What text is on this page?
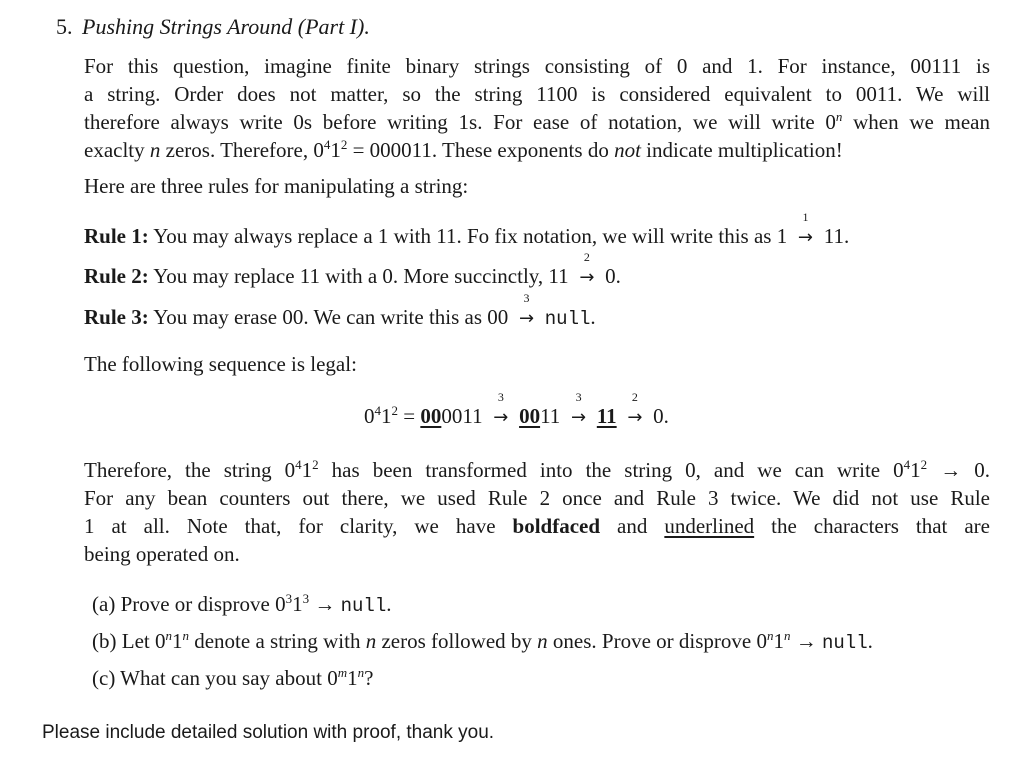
5. Pushing Strings Around (Part I).
For this question, imagine finite binary strings consisting of 0 and 1. For instance, 00111 is
a string. Order does not matter, so the string 1100 is considered equivalent to 0011. We will
therefore always write 0s before writing 1s. For ease of notation, we will write 0$^n$ when we mean
exaclty n zeros. Therefore, $0^41^2 = 000011$. These exponents do not indicate multiplication!
Here are three rules for manipulating a string:
Rule 1: You may always replace a 1 with 11. Fo fix notation, we will write this as 1
1
→ 11.
Rule 2: You may replace 11 with a 0. More succinctly, 11
2
→ 0.
Rule 3: You may erase 00. We can write this as 00
3
→ null.
The following sequence is legal:
$0^41^2 = 000011$
3
→ 0011
3
→ 11
2
→ 0.
Therefore, the string $0^41^2$ has been transformed into the string 0, and we can write $0^41^2 \to 0$.
For any bean counters out there, we used Rule 2 once and Rule 3 twice. We did not use Rule
1 at all. Note that, for clarity, we have boldfaced and underlined the characters that are
being operated on.
(a) Prove or disprove $0^31^3$ → null.
(b) Let 0$^n$1$^n$ denote a string with n zeros followed by n ones. Prove or disprove $0^n1^n$ → null.
(c) What can you say about 0$^m$1$^n$?
Please include detailed solution with proof, thank you.
